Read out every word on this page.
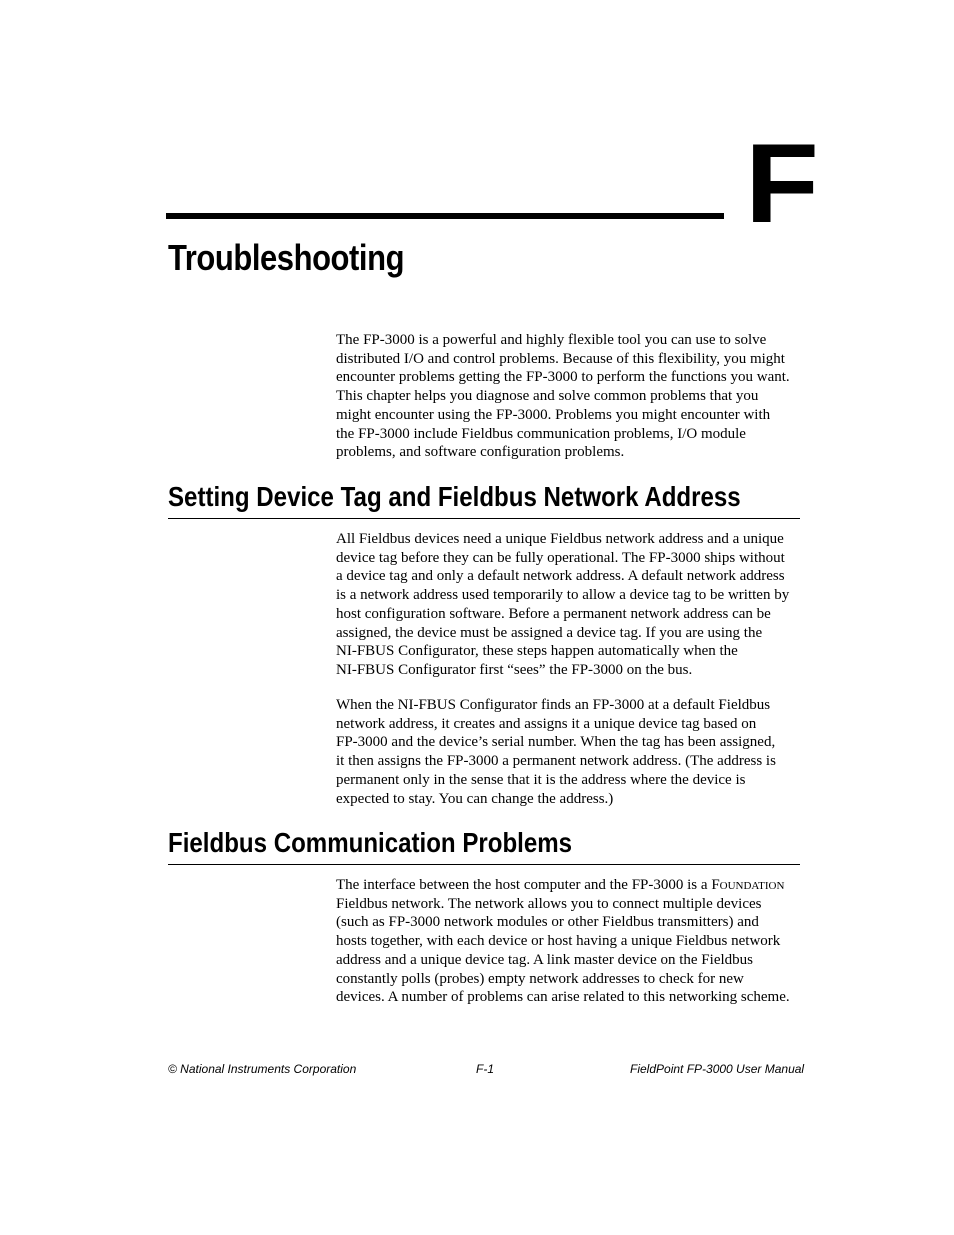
F
Troubleshooting

The FP-3000 is a powerful and highly flexible tool you can use to solve
distributed I/O and control problems. Because of this flexibility, you might
encounter problems getting the FP-3000 to perform the functions you want.
This chapter helps you diagnose and solve common problems that you
might encounter using the FP-3000. Problems you might encounter with
the FP-3000 include Fieldbus communication problems, I/O module
problems, and software configuration problems.

Setting Device Tag and Fieldbus Network Address

All Fieldbus devices need a unique Fieldbus network address and a unique
device tag before they can be fully operational. The FP-3000 ships without
a device tag and only a default network address. A default network address
is a network address used temporarily to allow a device tag to be written by
host configuration software. Before a permanent network address can be
assigned, the device must be assigned a device tag. If you are using the
NI-FBUS Configurator, these steps happen automatically when the
NI-FBUS Configurator first “sees” the FP-3000 on the bus.

When the NI-FBUS Configurator finds an FP-3000 at a default Fieldbus
network address, it creates and assigns it a unique device tag based on
FP-3000 and the device’s serial number. When the tag has been assigned,
it then assigns the FP-3000 a permanent network address. (The address is
permanent only in the sense that it is the address where the device is
expected to stay. You can change the address.)

Fieldbus Communication Problems

The interface between the host computer and the FP-3000 is a Foundation
Fieldbus network. The network allows you to connect multiple devices
(such as FP-3000 network modules or other Fieldbus transmitters) and
hosts together, with each device or host having a unique Fieldbus network
address and a unique device tag. A link master device on the Fieldbus
constantly polls (probes) empty network addresses to check for new
devices. A number of problems can arise related to this networking scheme.

© National Instruments Corporation	F-1	FieldPoint FP-3000 User Manual
